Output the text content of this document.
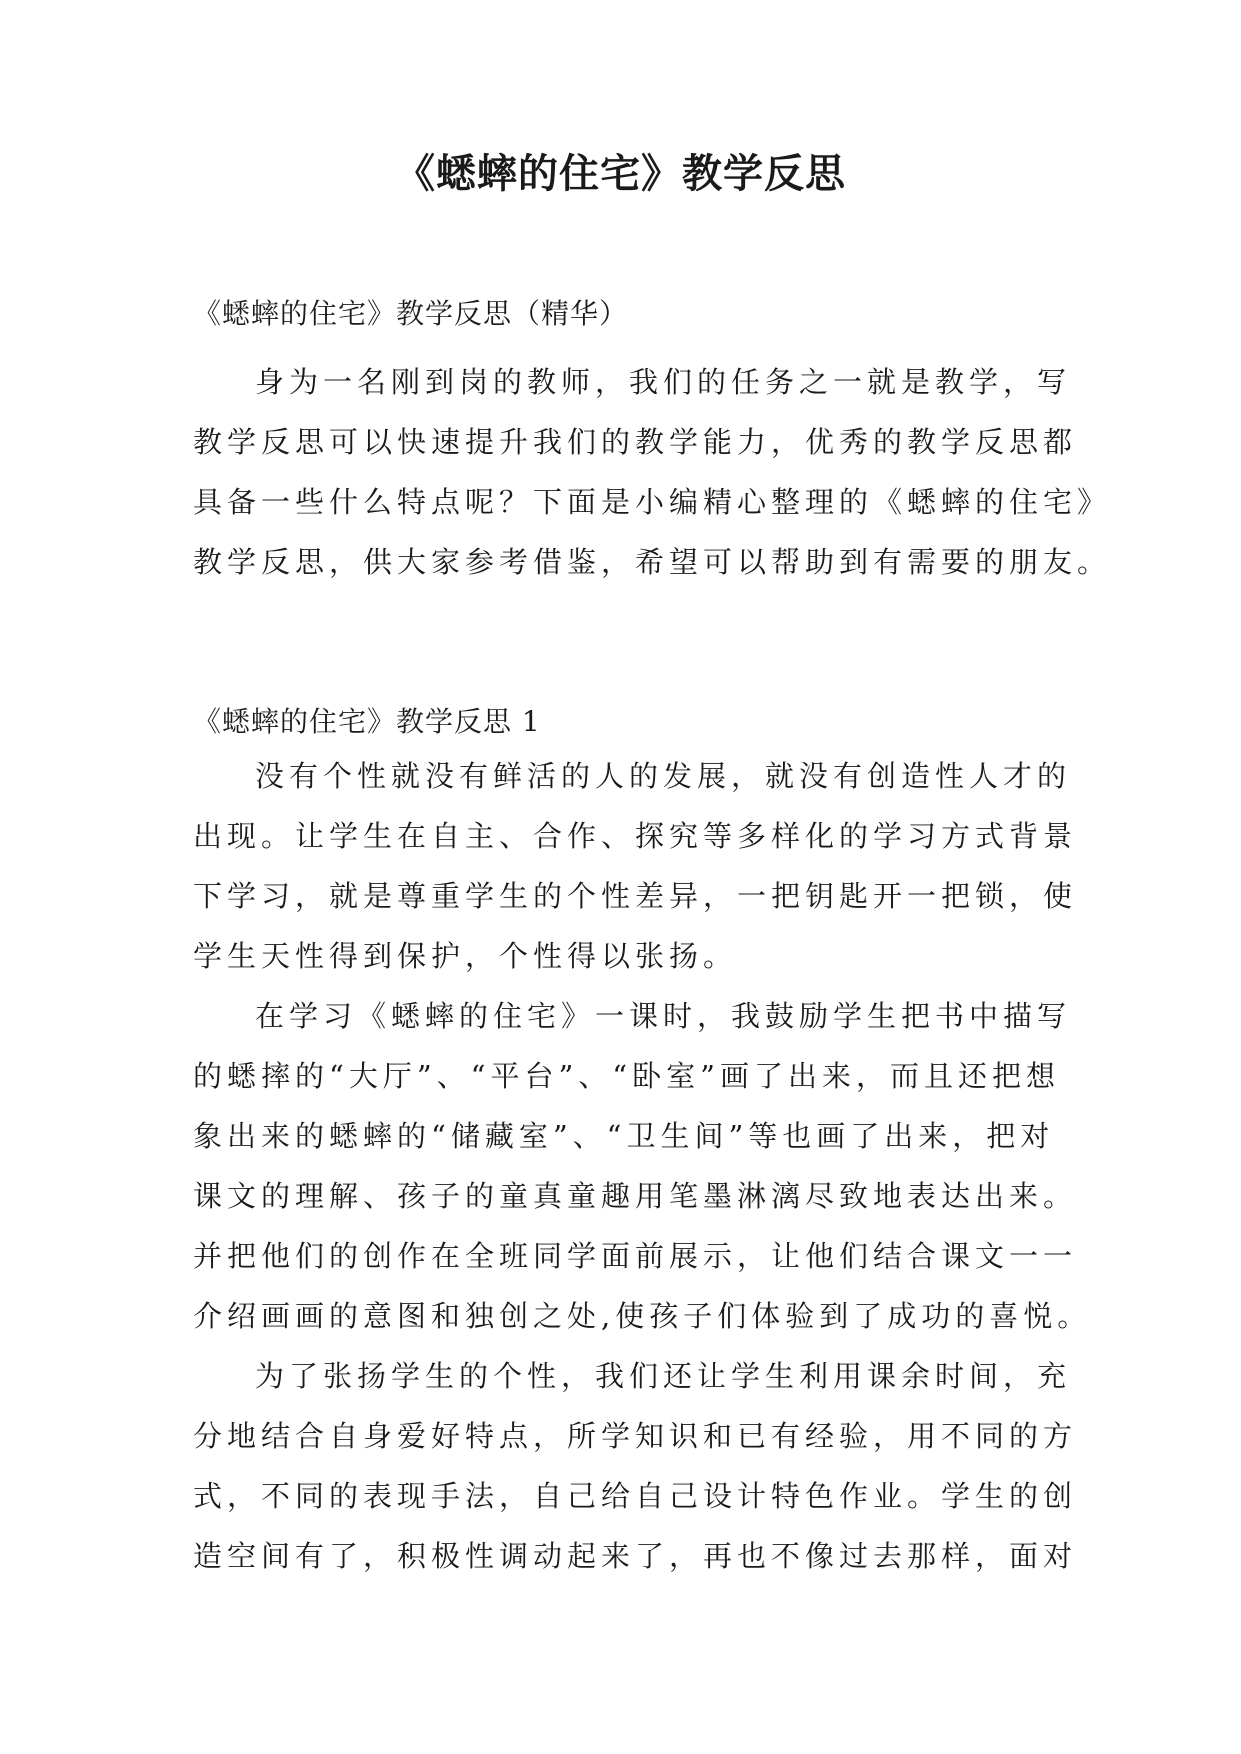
《蟋蟀的住宅》教学反思
《蟋蟀的住宅》教学反思（精华）
身为一名刚到岗的教师，我们的任务之一就是教学，写
教学反思可以快速提升我们的教学能力，优秀的教学反思都
具备一些什么特点呢？下面是小编精心整理的《蟋蟀的住宅》
教学反思，供大家参考借鉴，希望可以帮助到有需要的朋友。
《蟋蟀的住宅》教学反思 1
没有个性就没有鲜活的人的发展，就没有创造性人才的
出现。让学生在自主、合作、探究等多样化的学习方式背景
下学习，就是尊重学生的个性差异，一把钥匙开一把锁，使
学生天性得到保护，个性得以张扬。
在学习《蟋蟀的住宅》一课时，我鼓励学生把书中描写
的蟋摔的“大厅”、“平台”、“卧室”画了出来，而且还把想
象出来的蟋蟀的“储藏室”、“卫生间”等也画了出来，把对
课文的理解、孩子的童真童趣用笔墨淋漓尽致地表达出来。
并把他们的创作在全班同学面前展示，让他们结合课文一一
介绍画画的意图和独创之处,使孩子们体验到了成功的喜悦。
为了张扬学生的个性，我们还让学生利用课余时间，充
分地结合自身爱好特点，所学知识和已有经验，用不同的方
式，不同的表现手法，自己给自己设计特色作业。学生的创
造空间有了，积极性调动起来了，再也不像过去那样，面对
